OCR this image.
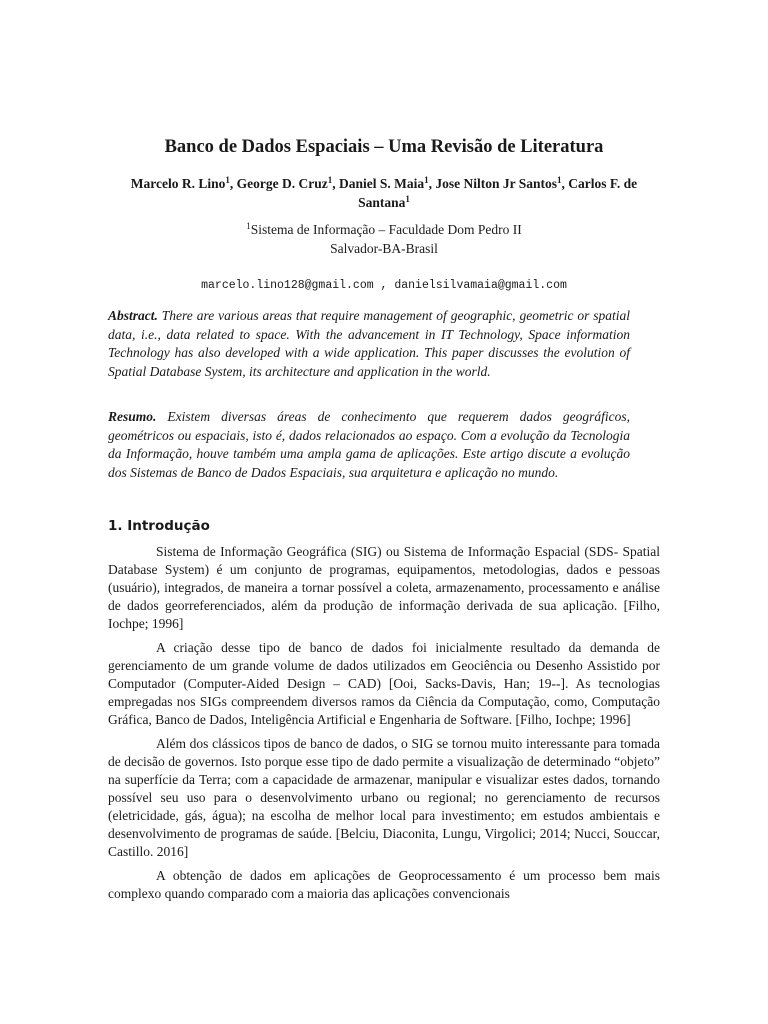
Banco de Dados Espaciais – Uma Revisão de Literatura
Marcelo R. Lino$^1$, George D. Cruz$^1$, Daniel S. Maia$^1$, Jose Nilton Jr Santos$^1$, Carlos F. de Santana$^1$
$^1$Sistema de Informação – Faculdade Dom Pedro II
Salvador-BA-Brasil
marcelo.lino128@gmail.com , danielsilvamaia@gmail.com

Abstract. There are various areas that require management of geographic, geometric or spatial data, i.e., data related to space. With the advancement in IT Technology, Space information Technology has also developed with a wide application. This paper discusses the evolution of Spatial Database System, its architecture and application in the world.

Resumo. Existem diversas áreas de conhecimento que requerem dados geográficos, geométricos ou espaciais, isto é, dados relacionados ao espaço. Com a evolução da Tecnologia da Informação, houve também uma ampla gama de aplicações. Este artigo discute a evolução dos Sistemas de Banco de Dados Espaciais, sua arquitetura e aplicação no mundo.

1. Introdução

Sistema de Informação Geográfica (SIG) ou Sistema de Informação Espacial (SDS- Spatial Database System) é um conjunto de programas, equipamentos, metodologias, dados e pessoas (usuário), integrados, de maneira a tornar possível a coleta, armazenamento, processamento e análise de dados georreferenciados, além da produção de informação derivada de sua aplicação. [Filho, Iochpe; 1996]

A criação desse tipo de banco de dados foi inicialmente resultado da demanda de gerenciamento de um grande volume de dados utilizados em Geociência ou Desenho Assistido por Computador (Computer-Aided Design – CAD) [Ooi, Sacks-Davis, Han; 19--]. As tecnologias empregadas nos SIGs compreendem diversos ramos da Ciência da Computação, como, Computação Gráfica, Banco de Dados, Inteligência Artificial e Engenharia de Software. [Filho, Iochpe; 1996]

Além dos clássicos tipos de banco de dados, o SIG se tornou muito interessante para tomada de decisão de governos. Isto porque esse tipo de dado permite a visualização de determinado “objeto” na superfície da Terra; com a capacidade de armazenar, manipular e visualizar estes dados, tornando possível seu uso para o desenvolvimento urbano ou regional; no gerenciamento de recursos (eletricidade, gás, água); na escolha de melhor local para investimento; em estudos ambientais e desenvolvimento de programas de saúde. [Belciu, Diaconita, Lungu, Virgolici; 2014; Nucci, Souccar, Castillo. 2016]

A obtenção de dados em aplicações de Geoprocessamento é um processo bem mais complexo quando comparado com a maioria das aplicações convencionais
